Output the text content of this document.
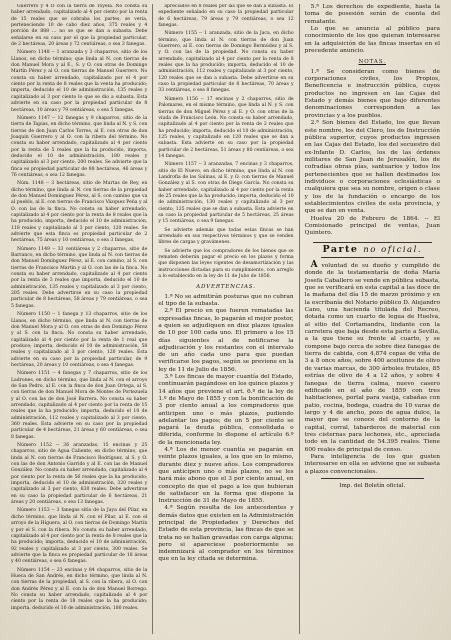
Guerrero y 4 O con la tierra de Toyela. No consta su haber arrendado, capitalizado al 4 por ciento por la renta de 15 reales que se cobraba los partes, se veria, perteneciendo 10 de cabo diez años, 375 reales y 4 porción de 888 ... no se que se dan a subasta. Debe señalarse en su caso por el que la propiedad particular, de 2 hectáreas, 20 áreas y 72 centiáreas, o sea 3 fanegas.

Número 1148 -- 1 aranzada y 3 chaparros, sitio de los Llanos, en dicho término; que linda al N. con tierras de don Manuel Mora y al E., S. y O. con otras de Domingo Martín Pérez y al O. con tierras de Manuel Guerrero. No consta su haber arrendado, capitalizado por el 4 por ciento por la renta de 8 reales que la venta ha producido; importa, deducido el 10 de administración, 135 reales y capitalizado al 3 por ciento lo que se dio a subasta. Esta advierte en su caso por la propiedad particular de 8 hectáreas, 10 áreas y 79 centiáreas, o sea 5 fanegas.

Número 1147 -- 12 fanegas y 9 chaparros, sitio de la tierra de Tapias, en dicho término, que linda al N. y S. con tierras de don Juan Carlos Torres, al E. con otras de don Joaquín Guerrero y al O. con la ribera del término. No consta su haber arrendado, capitalizado al 4 por ciento por la renta de 5 reales que la ha producido, importa, deducido el 10 de administración, 180 reales y capitalizado al 3 por ciento, 200 reales. Se advierte que la finca es propiedad particular de 88 hectáreas, 46 áreas y 76 centiáreas, o sea 12 fanegas.

Núm. 1148 -- 3 hectáreas, sitio de Murtas de Rey, en dicho término, que linda al N. con tierras de la propiedad de don Manuel Domínguez Pérez, al S. con camino que va al pueblo, al E. con tierras de Francisco Vázquez Peña y al O. con las de la finca. No consta su haber arrendado, capitalizado al 4 por ciento por la renta de 8 reales que la ha producido, importa, deducido el 10 de administración, 118 reales y capitalizado al 3 por ciento, 120 reales. Se advierte que esta finca es propiedad particular de 2 hectáreas, 75 áreas y 10 centiáreas, o sea 3 fanegas.

Número 1149 -- 33 centiáreas y 2 chaparros, sitio de Barranco, en dicho término, que linda al N. con tierras de don Manuel Domínguez Pérez, al E. con camino, al S. con tierras de Francisco Martín y al O. con las de la finca. No consta su haber arrendado, capitalizado al 4 por ciento por la renta de 3 reales que importa, deducido el 10 de administración, 135 reales y capitalizado al 3 por ciento, 205 reales. Debe advertirse en su caso la propiedad particular de 8 hectáreas, 58 áreas y 79 centiáreas, o sea 5 fanegas.

Número 1150 -- 1 fanega y 13 chaparros, sitio de los Llanos, en dicho término, que linda al N. con tierras de don Manuel Mora y al O. con otras de don Domingo Pérez y al S. con la finca. No consta su haber arrendado, capitalizado al 4 por ciento por la renta de 1 real que produce; importa, deducido el 10 de administración, 58 reales y capitalizado al 3 por ciento, 120 reales. Esta advierte en su caso por la propiedad particular, de 9 hectáreas, 20 áreas y 10 centiáreas, o sea 4 fanegas.

Número 1151 -- 4 fanegas y 7 chaparros, sitio de los Ladrones, en dicho término, que linda al N. con el arroyo de San Pedro, al E. con la finca de don Juan Ortega, al S. con tierras de don Manuel Mora de Montes de Portezuela y al O. con las de don José Barrera. No consta su haber arrendado, capitalizado al 4 por ciento por la renta de 15 reales que la ha producido; importa, deducido el 10 de administración, 112 reales y capitalizado al 3 por ciento, 360 reales. Esta advierte en su caso por la propiedad particular de 4 hectáreas, 21 áreas y 60 centiáreas, o sea 8 fanegas.

Número 1152 -- 36 aranzadas, 15 encinas y 25 chaparros, sitio de Agua Caliente, en dicho término, que linda al N. con tierras de Francisco Rodríguez, al S. y O. con las de don Antonio Garrido y al E. con las de Manuel González. No consta su haber arrendado, capitalizado al 4 por ciento por la renta de 56 reales que la ha producido; importa, deducido el 10 de administración, 320 reales y capitalizado al 3 por ciento, 630 reales. Debe advertirse en su caso la propiedad particular de 6 hectáreas, 21 áreas y 20 centiáreas, o sea 13 fanegas.

Número 1153 -- 3 fanegas sitio de la Jaya del Pilar, en dicho término, que linda al N. con el Pilar, al E. con el arroyo de la Higuera, al O. con tierras de Domingo Martín y por el S. con la ribera. No consta su haber arrendado, capitalizado al 4 por ciento por la renta de 8 reales que la ha producido; importa, deducido el 10 de administración, 92 reales y capitalizado al 3 por ciento, 300 reales. Se advierte que la finca es propiedad particular de 18 áreas y 40 centiáreas, o sea 6 fanegas.

Número 1154 -- 23 encinas y 84 chaparros, sitio de la Hueca de San Andrés, en dicho término, que linda al N. con tierras de la propiedad, al S. con la ribera, al O. con don Andrés Pérez y al E. con la de don Manuel Borrego. No consta su haber arrendado, capitalizado al 4 por ciento por la renta de 18 reales que la ha producido; importa, deducido el 10 de administración, 180 reales.

aprecíados en 8 reales por las que se dan a subasta. El expediente señalado en su caso la propiedad particular de 6 hectáreas, 79 áreas y 79 centiáreas, o sea 12 fanegas.

Número 1155 -- 1 aranzada, sitio de la Jaca, en dicho término, que linda al N. con tierras de don Juan Guerrero, al E. con tierras de Domingo Bermúdez y al S. y O. con las de la propiedad. No consta su haber arrendado, capitalizado al 4 por ciento por la renta de 8 reales que la ha producido; importa, deducido el 10 de administración, 112 reales y capitalizado al 3 por ciento, 120 reales que se dan a subasta. Debe advertirse en su caso la propiedad particular de 8 hectáreas, 70 áreas y 33 centiáreas, o sea 8 fanegas.

Número 1156 -- 17 encinas y 2 chaparros, sitio de Palomares, en el mismo término, que linda al N. y S. con tierras de don Miguel Pérez y al E. y O. con otras de la viuda de Francisco León. No consta su haber arrendado, capitalizado al 4 por ciento por la renta de 2 reales que ha producido; importa, deducido el 10 de administración, 125 reales, y capitalizado en 120 reales que se dan a subasta. Esta advierte en su caso por la propiedad particular de 2 hectáreas, 51 áreas y 80 centiáreas, o sea 14 fanegas.

Número 1157 -- 3 aranzadas, 7 encinas y 3 chaparros, sitio de El Nuevo, en dicho término, que linda al N. con Landrofia de las Salinas, al E. y O. con tierras de Manuel González y al S. con otras de Diego García. No consta su haber arrendado, capitalizado al 4 por ciento por la renta de 25 reales que la ha producido; importa, deducido el 10 de administración, 130 reales y capitalizado al 3 por ciento, 125 reales que se dan a subasta. Esta advierte en su caso la propiedad particular de 5 hectáreas, 25 áreas y 15 centiáreas, o sea 9 fanegas.

Se advierte además que todas estas fincas se han arrendado en sus respectivos términos y que se venden libres de cargas y gravámenes.

Se advierte que los compradores de los bienes que se rematen deberán pagar el precio en los plazos y forma que disponen las leyes vigentes de desamortización y las instrucciones dictadas para su cumplimiento, con arreglo a lo establecido en la ley de 11 de Julio de 1856.

ADVERTENCIAS.

1.ª No se admitirán posturas que no cubran el tipo de la subasta.

2.ª El precio en que fueren rematadas las expresadas fincas, lo pagarán el mejor postor, a quien se adjudiquen en diez plazos iguales de 10 por 100 cada uno. El primero a los 15 días siguientes al de notificarse la adjudicación y los restantes con el intervalo de un año cada uno para que puedan verificarse los pagos, según se previene en la ley de 11 de Julio de 1856.

3.ª Los fincas de mayor cuantía del Estado, continuarán pagándose en los quince plazos y 14 años que previene el art. 6.º de la ley de 1.º de Mayo de 1855 y con la bonificación de 3 por ciento anual a los compradores que anticipen uno o más plazos, pudiendo adelantar los pagos; de un 5 por ciento se pagará la deuda pública, consolidada o diferida, conforme lo dispone el artículo 6.º de la mencionada ley.

4.ª Los de menor cuantía se pagarán en veinte plazos iguales, a los que en lo mismo, durante diez y nueve años. Los compradores que anticipen uno o más plazos, no se les hará más abono que el 3 por ciento anual, en concepto de que el pago a los que hubieran de satisfacer en la forma que dispone la Instrucción de 31 de Mayo de 1855.

4.ª Según resulta de los antecedentes y demás datos que existen en la Administración principal de Propiedades y Derechos del Estado de esta provincia, las fincas de que se trata no se hallan gravadas con carga alguna; pero si apareciese posteriormente se indemnizará al comprador en los términos que en la ley citada se determina.

5.ª Los derechos de expediente, hasta la toma de posesión serán de cuenta del rematante.

Lo que se anuncia al público para conocimiento de los que quieran interesarse en la adquisición de las fincas insertas en el precedente anuncio.

NOTAS.

1.ª Se consideran como bienes de corporaciones civiles, los Propios, Beneficencia e instrucción pública, cuyos productos no ingresen en las Cajas del Estado y demás bienes que bajo diferentes denominaciones corresponden a las provincias y a los pueblos.

2.ª Son bienes del Estado, los que llevan este nombre, los del Clero, los de Instrucción pública superior, cuyos productos ingresen en las Cajas del Estado, los del secuestro del ex-Infante D. Carlos, los de las órdenes militares de San Juan de Jerusalén, los de cofradías obras pías, santuarios y todos los pertenecientes que se hallen destinados los individuos o corporaciones eclesiásticas o cualquiera que sea su nombre, origen o clase y los de la fundación o encargo de los establecimientos civiles de esta provincia, y que se dan en venta.

Huelva 20 de Febrero de 1864. -- El Comisionado principal de ventas, Juan Quintero.

Parte no oficial.

A voluntad de su dueño y cumplido de donde de la testamentaría de doña María Josefa Caballero se vende en pública subasta, que se verificará en esta capital a las doce de la mañana del día 15 de marzo próximo y en la escribanía del Notario público D. Alejandro Cano, una hacienda titulada del Recreo, dotada como un cuarto de legua de Huelva, al sitio del Cortamandra, lindante con la carretera que baja desde esta parte a Sevilla, a la que tiene su frente al cuarto, y se compone bajo cerca de sobre diez fanegas de tierra de cabida, con 4,874 cepas de viña de 3 a 8 once años, sobre 400 aceitunos de olivo de varias marcas, de 300 árboles frutales, 85 estrías de olivo de 4 a 12 años, y sobre 4 fanegas de tierra calma, nuevo casero edificado en el año de 1859 con tres habitaciones, portal para vasija, cabañas con patio, cocina, bodega, cuadra de 10 varas de largo y 4 de ancho, pozo de agua dulce, la mayor que se conoce del contorno de la capital, corral, tabarderos de material con tres cisternas para lechones, etc., apreciada todo en la cantidad de 54.395 reales. Tiene 600 reales de principal de censo.

Para inteligencia de los que gusten interesarse en ella se adviene que se subasta a plazos convencionales.

Imp. del Boletín oficial.
